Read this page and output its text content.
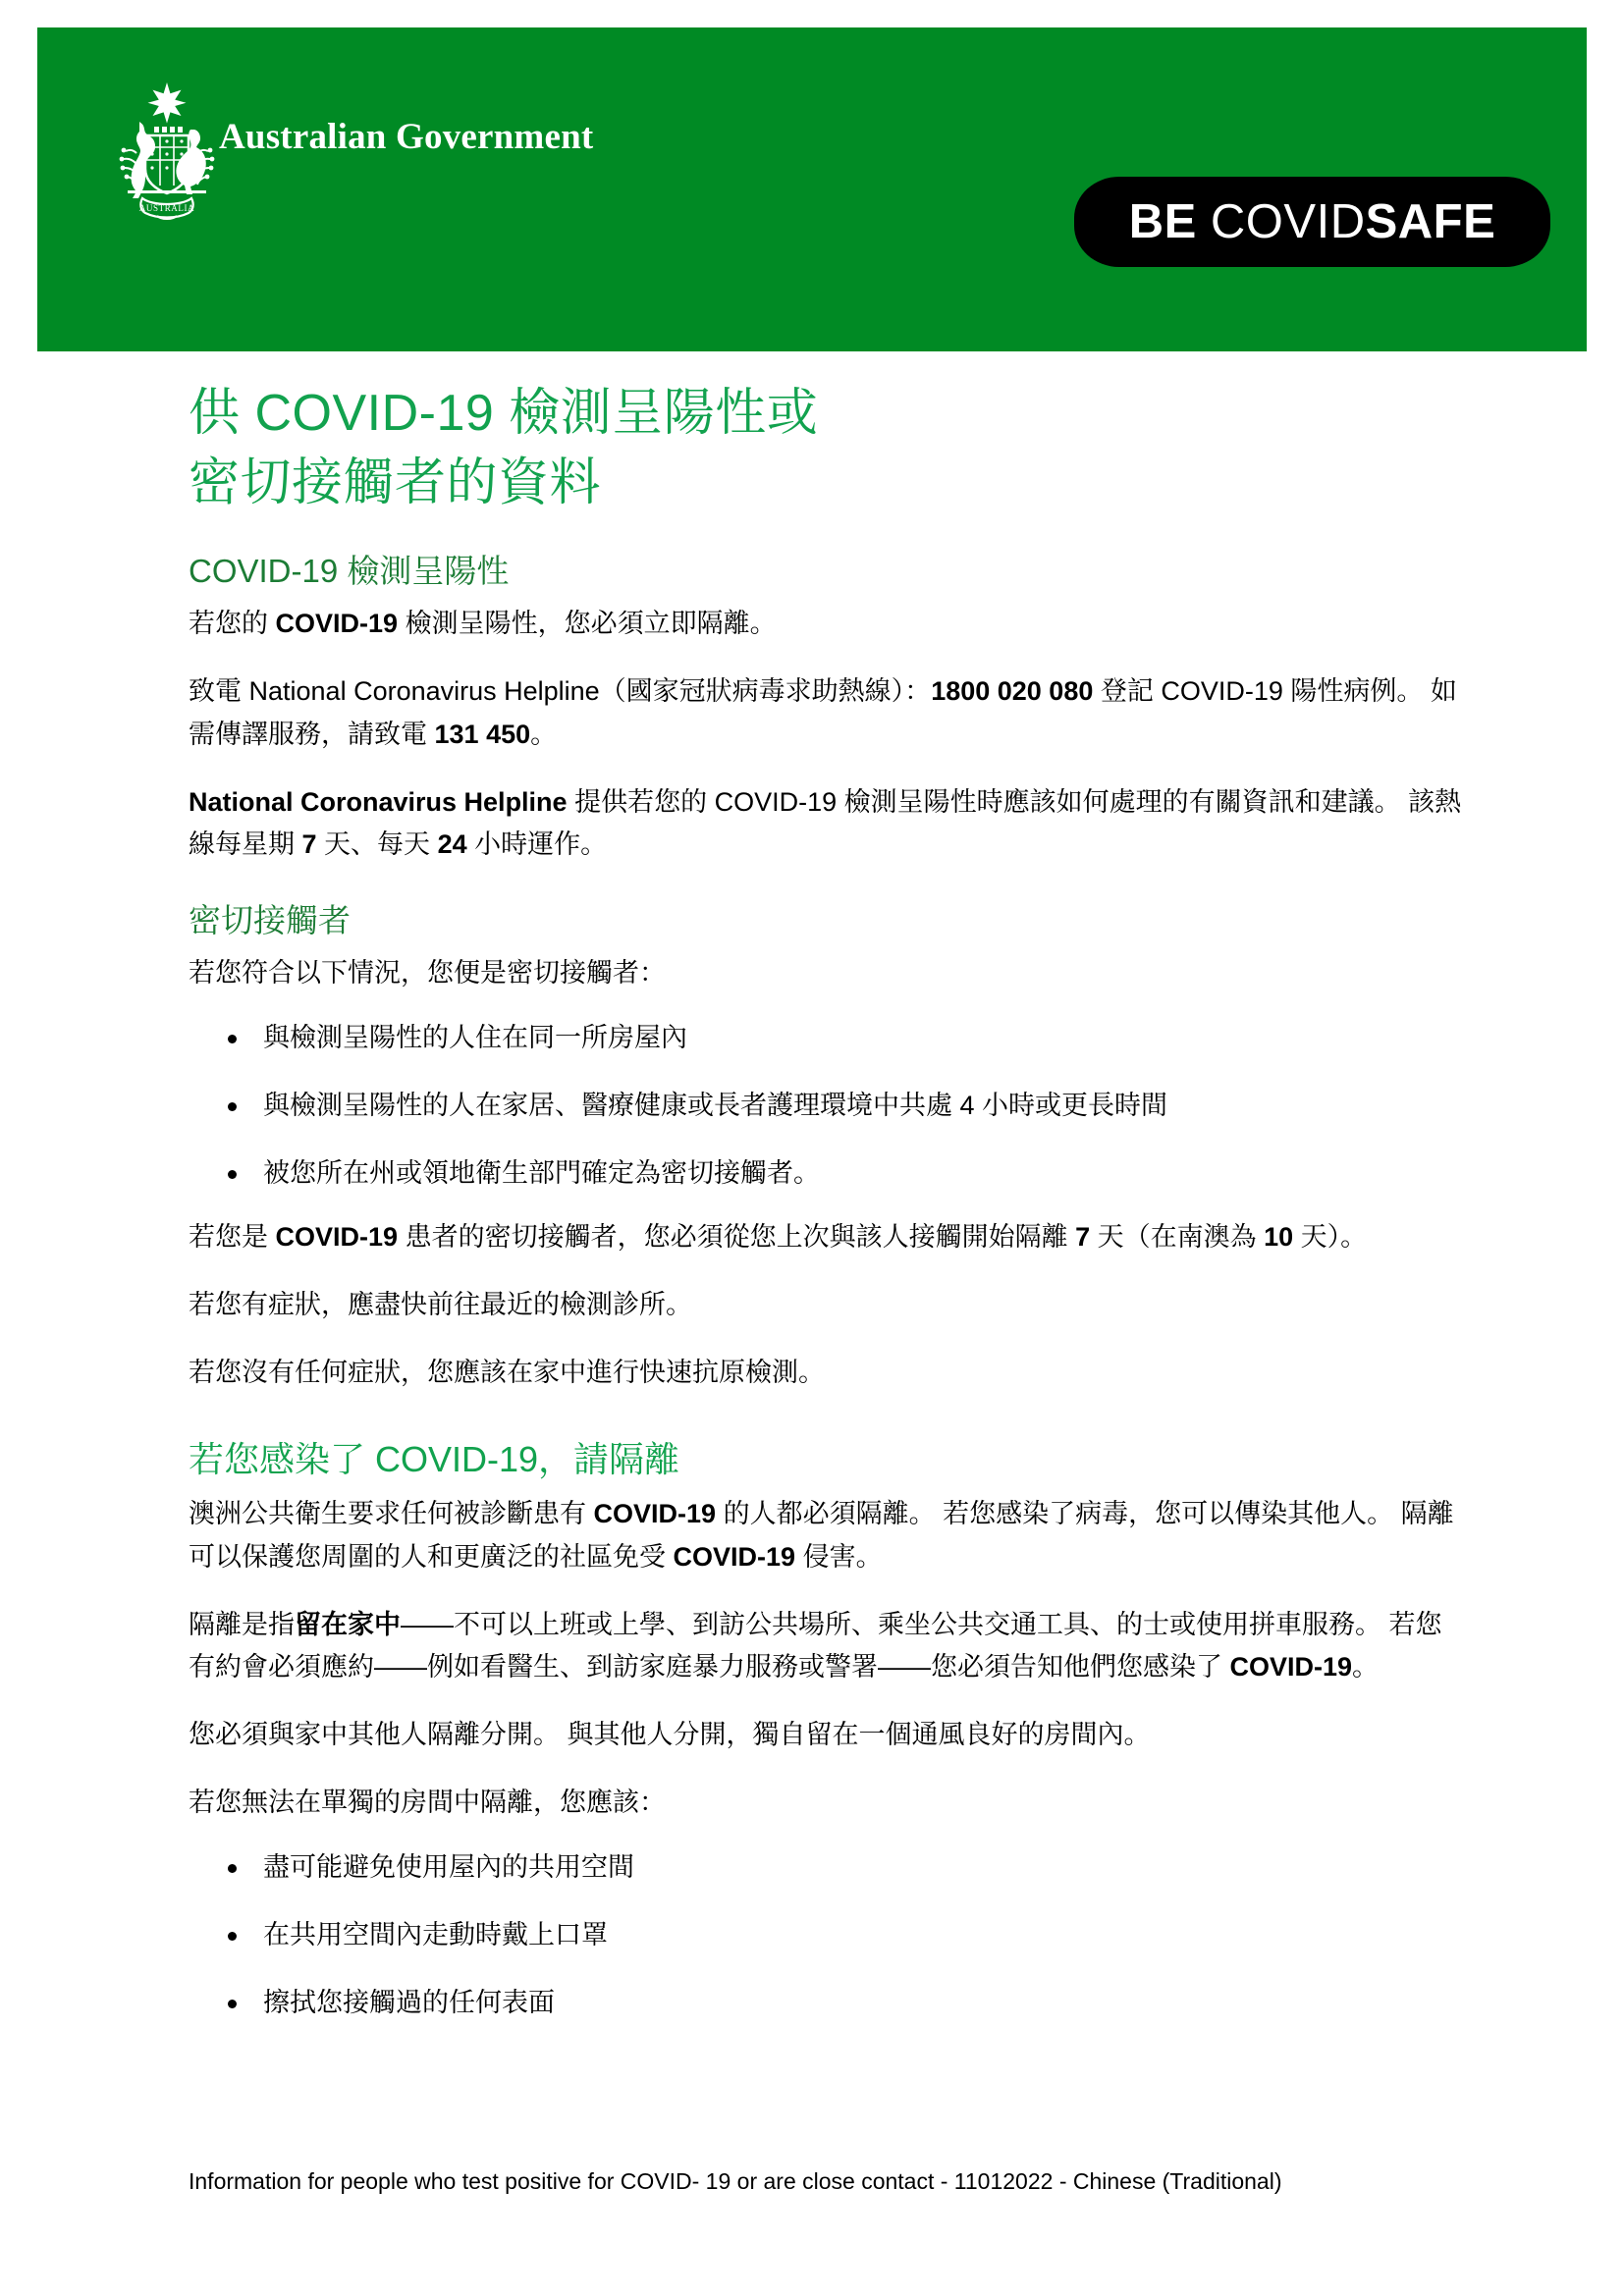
AUSTRALIA
Australian Government
BE COVIDSAFE
供 COVID-19 檢測呈陽性或
密切接觸者的資料
COVID-19 檢測呈陽性

若您的 COVID-19 檢測呈陽性，您必須立即隔離。

致電 National Coronavirus Helpline（國家冠狀病毒求助熱線）：1800 020 080 登記 COVID-19 陽性病例。 如需傳譯服務，請致電 131 450。

National Coronavirus Helpline 提供若您的 COVID-19 檢測呈陽性時應該如何處理的有關資訊和建議。 該熱線每星期 7 天、每天 24 小時運作。

密切接觸者

若您符合以下情況，您便是密切接觸者：

與檢測呈陽性的人住在同一所房屋內
與檢測呈陽性的人在家居、醫療健康或長者護理環境中共處 4 小時或更長時間
被您所在州或領地衛生部門確定為密切接觸者。

若您是 COVID-19 患者的密切接觸者，您必須從您上次與該人接觸開始隔離 7 天（在南澳為 10 天）。

若您有症狀，應盡快前往最近的檢測診所。

若您沒有任何症狀，您應該在家中進行快速抗原檢測。

若您感染了 COVID-19，請隔離

澳洲公共衛生要求任何被診斷患有 COVID-19 的人都必須隔離。 若您感染了病毒，您可以傳染其他人。 隔離可以保護您周圍的人和更廣泛的社區免受 COVID-19 侵害。

隔離是指留在家中——不可以上班或上學、到訪公共場所、乘坐公共交通工具、的士或使用拼車服務。 若您有約會必須應約——例如看醫生、到訪家庭暴力服務或警署——您必須告知他們您感染了 COVID-19。

您必須與家中其他人隔離分開。 與其他人分開，獨自留在一個通風良好的房間內。

若您無法在單獨的房間中隔離，您應該：

盡可能避免使用屋內的共用空間
在共用空間內走動時戴上口罩
擦拭您接觸過的任何表面
Information for people who test positive for COVID- 19 or are close contact - 11012022 - Chinese (Traditional)
